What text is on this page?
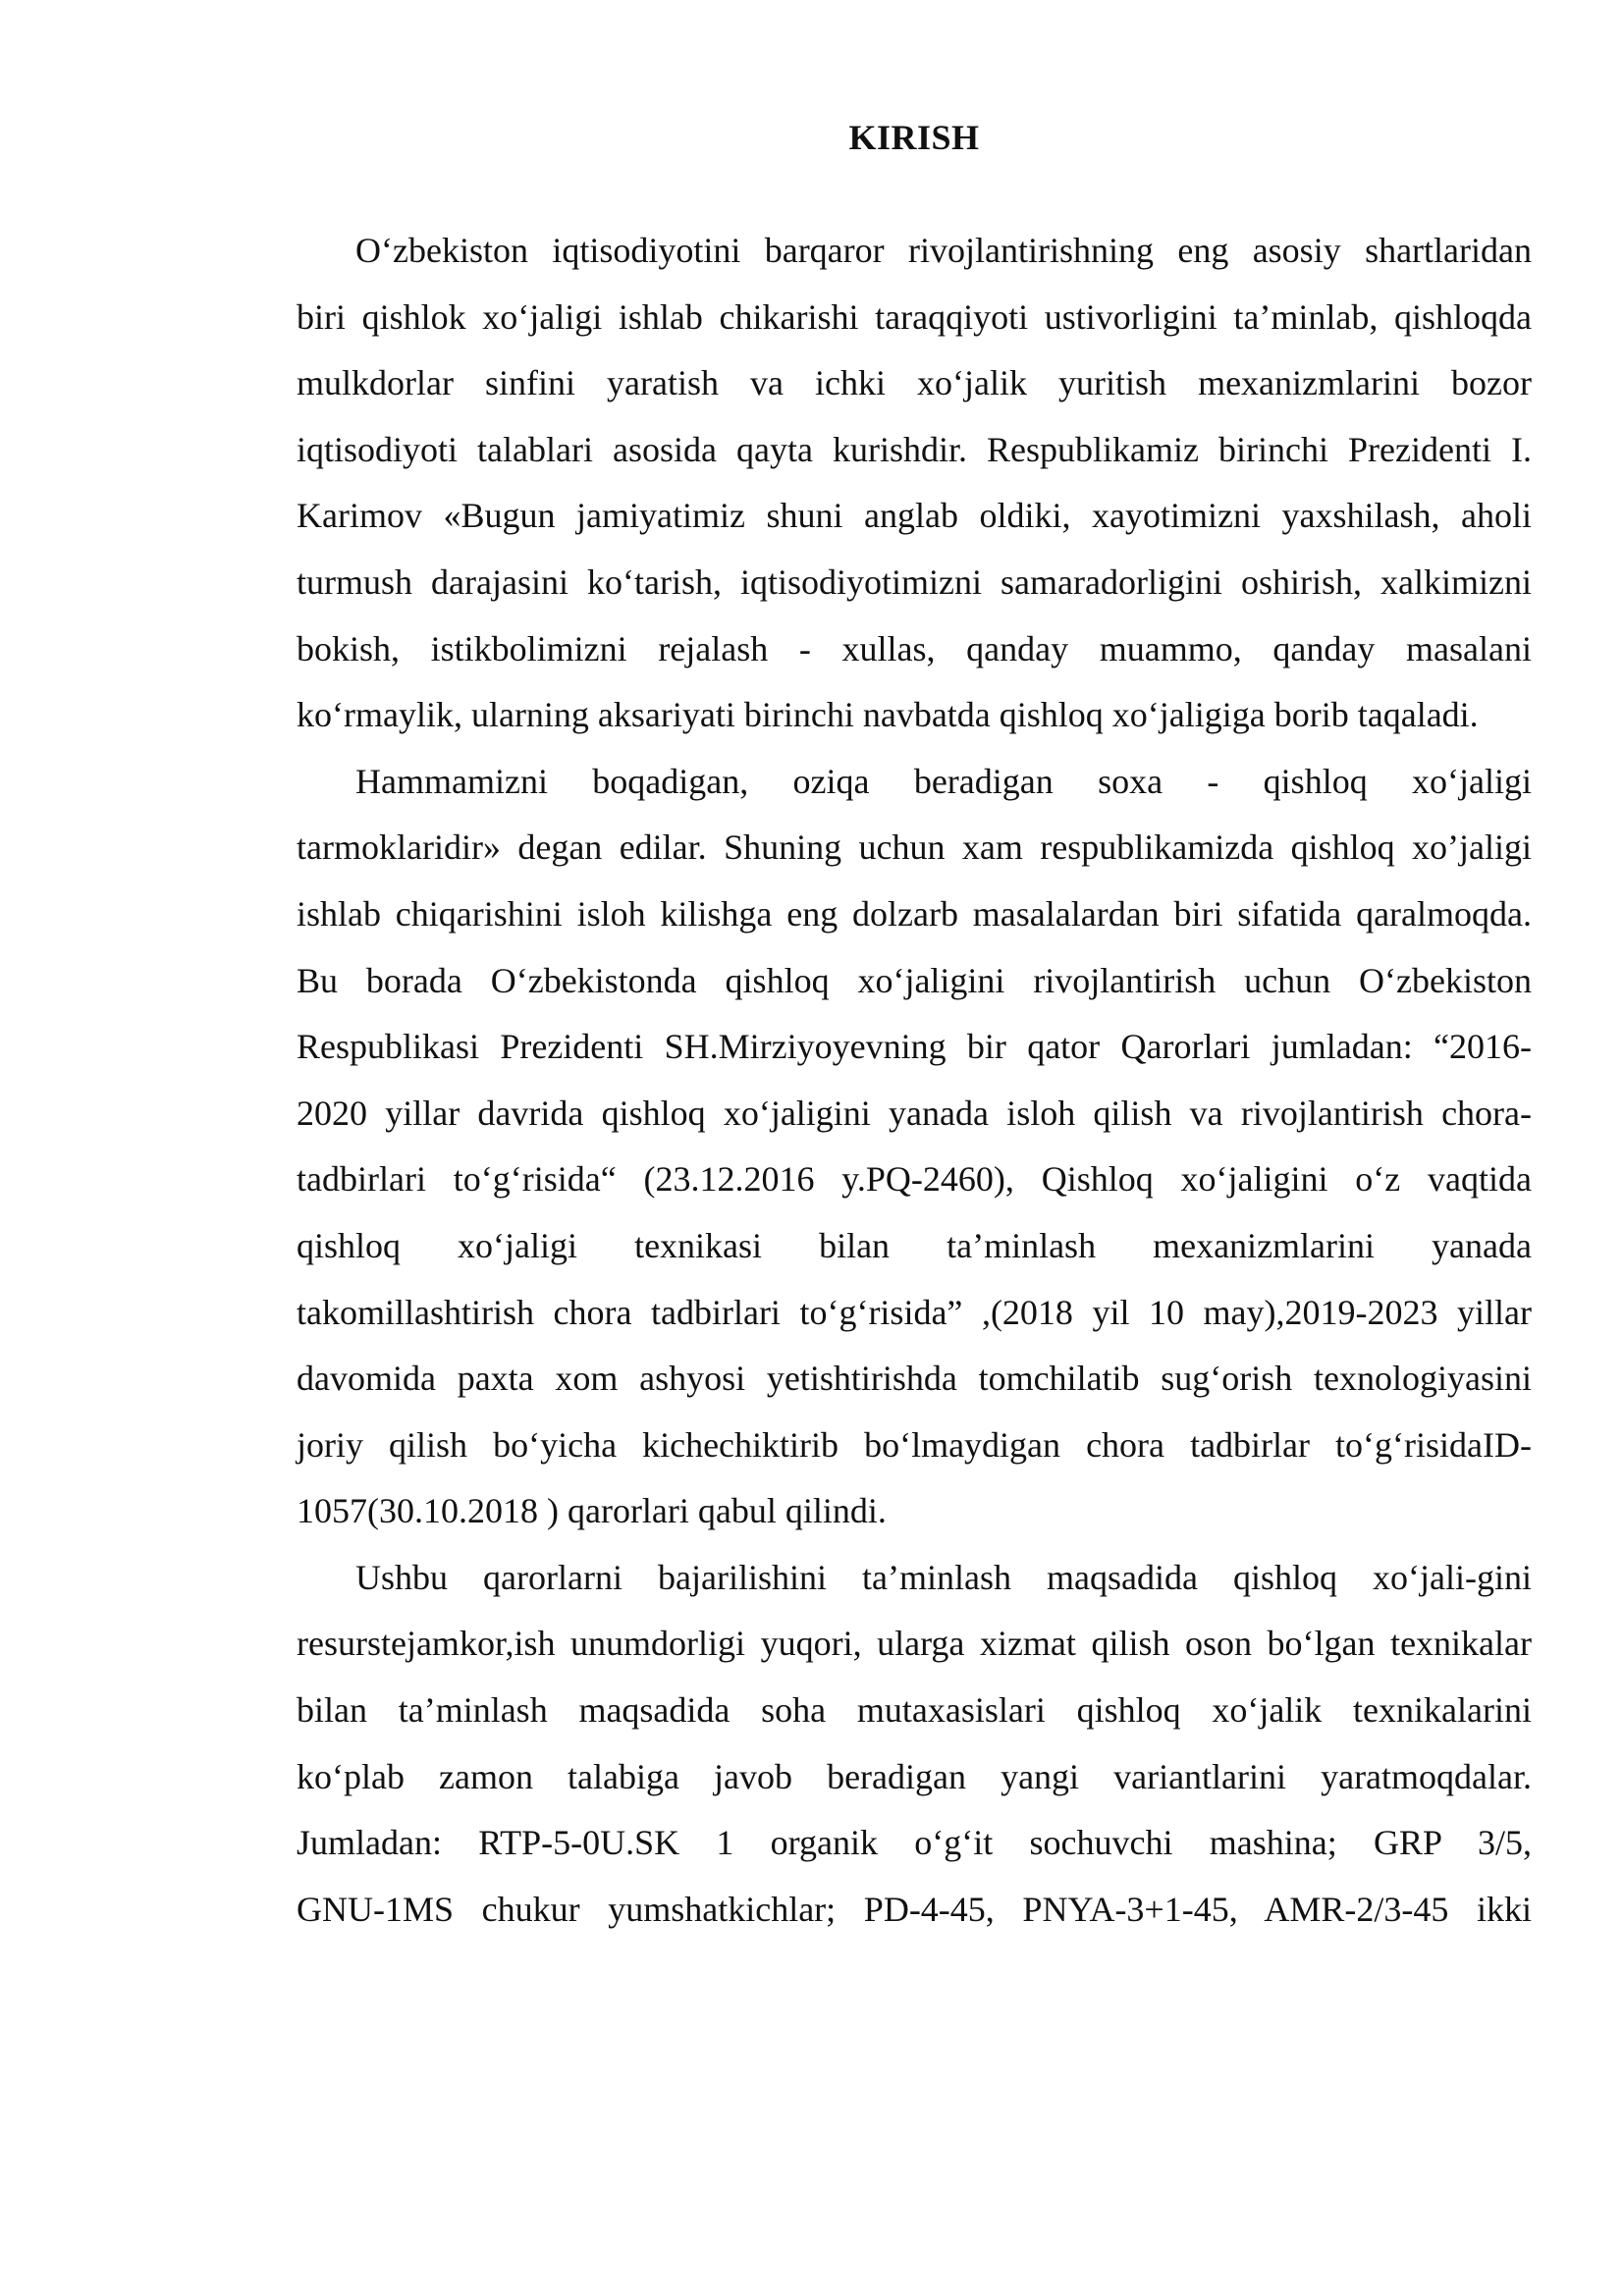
KIRISH
O‘zbekiston iqtisodiyotini barqaror rivojlantirishning eng asosiy shartlaridan
biri qishlok xo‘jaligi ishlab chikarishi taraqqiyoti ustivorligini ta’minlab, qishloqda
mulkdorlar sinfini yaratish va ichki xo‘jalik yuritish mexanizmlarini bozor
iqtisodiyoti talablari asosida qayta kurishdir. Respublikamiz birinchi Prezidenti I.
Karimov «Bugun jamiyatimiz shuni anglab oldiki, xayotimizni yaxshilash, aholi
turmush darajasini ko‘tarish, iqtisodiyotimizni samaradorligini oshirish, xalkimizni
bokish, istikbolimizni rejalash - xullas, qanday muammo, qanday masalani
ko‘rmaylik, ularning aksariyati birinchi navbatda qishloq xo‘jaligiga borib taqaladi.
Hammamizni boqadigan, oziqa beradigan soxa - qishloq xo‘jaligi
tarmoklaridir» degan edilar. Shuning uchun xam respublikamizda qishloq xo’jaligi
ishlab chiqarishini isloh kilishga eng dolzarb masalalardan biri sifatida qaralmoqda.
Bu borada O‘zbekistonda qishloq xo‘jaligini rivojlantirish uchun O‘zbekiston
Respublikasi Prezidenti SH.Mirziyoyevning bir qator Qarorlari jumladan: “2016-
2020 yillar davrida qishloq xo‘jaligini yanada isloh qilish va rivojlantirish chora-
tadbirlari to‘g‘risida“ (23.12.2016 y.PQ-2460), Qishloq xo‘jaligini o‘z vaqtida
qishloq xo‘jaligi texnikasi bilan ta’minlash mexanizmlarini yanada
takomillashtirish chora tadbirlari to‘g‘risida” ,(2018 yil 10 may),2019-2023 yillar
davomida paxta xom ashyosi yetishtirishda tomchilatib sug‘orish texnologiyasini
joriy qilish bo‘yicha kichechiktirib bo‘lmaydigan chora tadbirlar to‘g‘risidaID-
1057(30.10.2018 ) qarorlari qabul qilindi.
Ushbu qarorlarni bajarilishini ta’minlash maqsadida qishloq xo‘jali-gini
resurstejamkor,ish unumdorligi yuqori, ularga xizmat qilish oson bo‘lgan texnikalar
bilan ta’minlash maqsadida soha mutaxasislari qishloq xo‘jalik texnikalarini
ko‘plab zamon talabiga javob beradigan yangi variantlarini yaratmoqdalar.
Jumladan: RTP-5-0U.SK 1 organik o‘g‘it sochuvchi mashina; GRP 3/5,
GNU-1MS chukur yumshatkichlar; PD-4-45, PNYA-3+1-45, AMR-2/3-45 ikki
